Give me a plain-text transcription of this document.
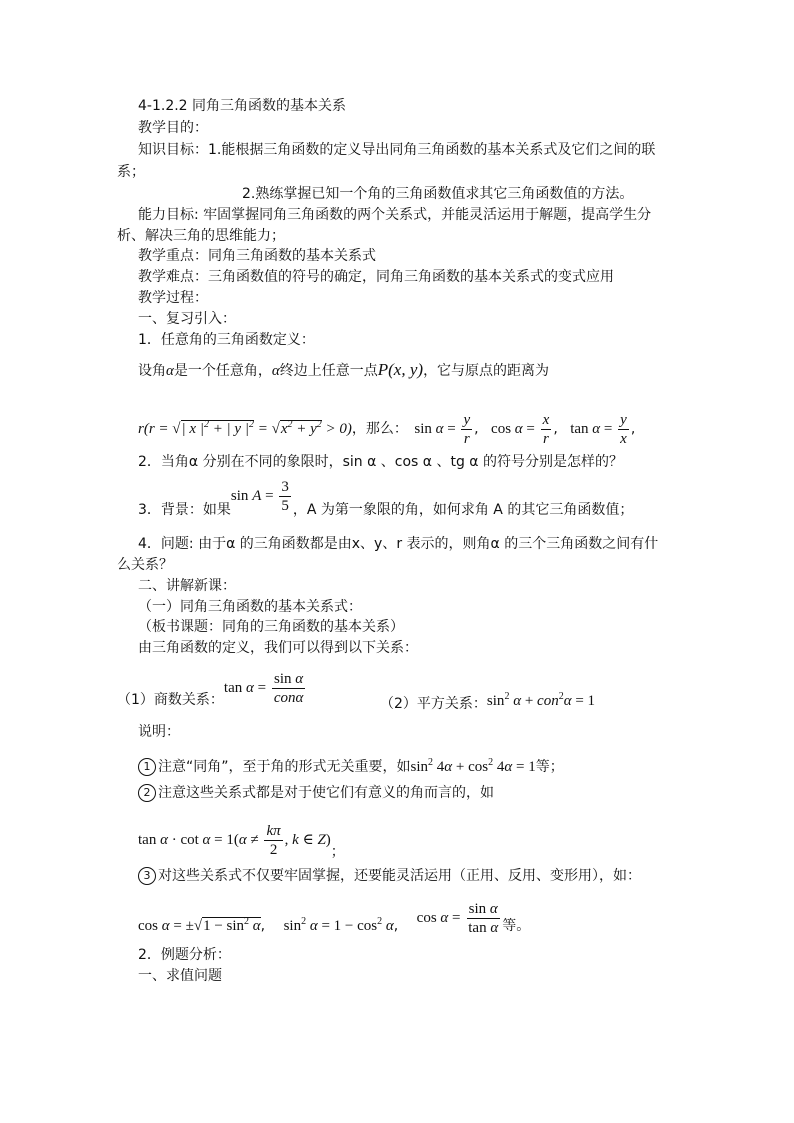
4-1.2.2 同角三角函数的基本关系
教学目的：
知识目标：1.能根据三角函数的定义导出同角三角函数的基本关系式及它们之间的联
系；
2.熟练掌握已知一个角的三角函数值求其它三角函数值的方法。
能力目标: 牢固掌握同角三角函数的两个关系式，并能灵活运用于解题，提高学生分
析、解决三角的思维能力；
教学重点：同角三角函数的基本关系式
教学难点：三角函数值的符号的确定，同角三角函数的基本关系式的变式应用
教学过程：
一、复习引入：
1．任意角的三角函数定义：
设角α是一个任意角，α终边上任意一点P(x, y)，它与原点的距离为
r(r = √| x $|^2$ + | y $|^2 = √x^2 + y^2 > 0$)，那么： $\sin \alpha = \frac{y}{r}$ , $\cos \alpha = \frac{x}{r}$ , $\tan \alpha = \frac{y}{x}$ ,
2．当角α 分别在不同的象限时，sin α 、cos α 、tg α 的符号分别是怎样的？
3．背景：如果$\sin A = \frac{3}{5}$ ，A 为第一象限的角，如何求角 A 的其它三角函数值；
4．问题: 由于α 的三角函数都是由x、y、r 表示的，则角α 的三个三角函数之间有什
么关系？
二、讲解新课：
（一）同角三角函数的基本关系式：
（板书课题：同角的三角函数的基本关系）
由三角函数的定义，我们可以得到以下关系：
（1）商数关系：$\tan \alpha = \frac{\text{sin α}}{\text{conα}}$	（2）平方关系：$\sin^2 \alpha + con^2\alpha = 1$
说明：
1 注意“同角”，至于角的形式无关重要，如$\sin^2 4\alpha + \cos^2 4\alpha = 1$等；
2 注意这些关系式都是对于使它们有意义的角而言的，如
$\tan \alpha \cdot \cot \alpha = 1(\alpha \ne \frac{k\pi}{2}$ , k ∈ Z)；
3 对这些关系式不仅要牢固掌握，还要能灵活运用（正用、反用、变形用），如：
$\cos \alpha = \pm√1 - \sin^2 \alpha$, $\sin^2 \alpha = 1 - \cos^2 \alpha$, $\cos \alpha = \frac{\text{sin α}}{\text{tan α}}$ 等。
2．例题分析：
一、求值问题
